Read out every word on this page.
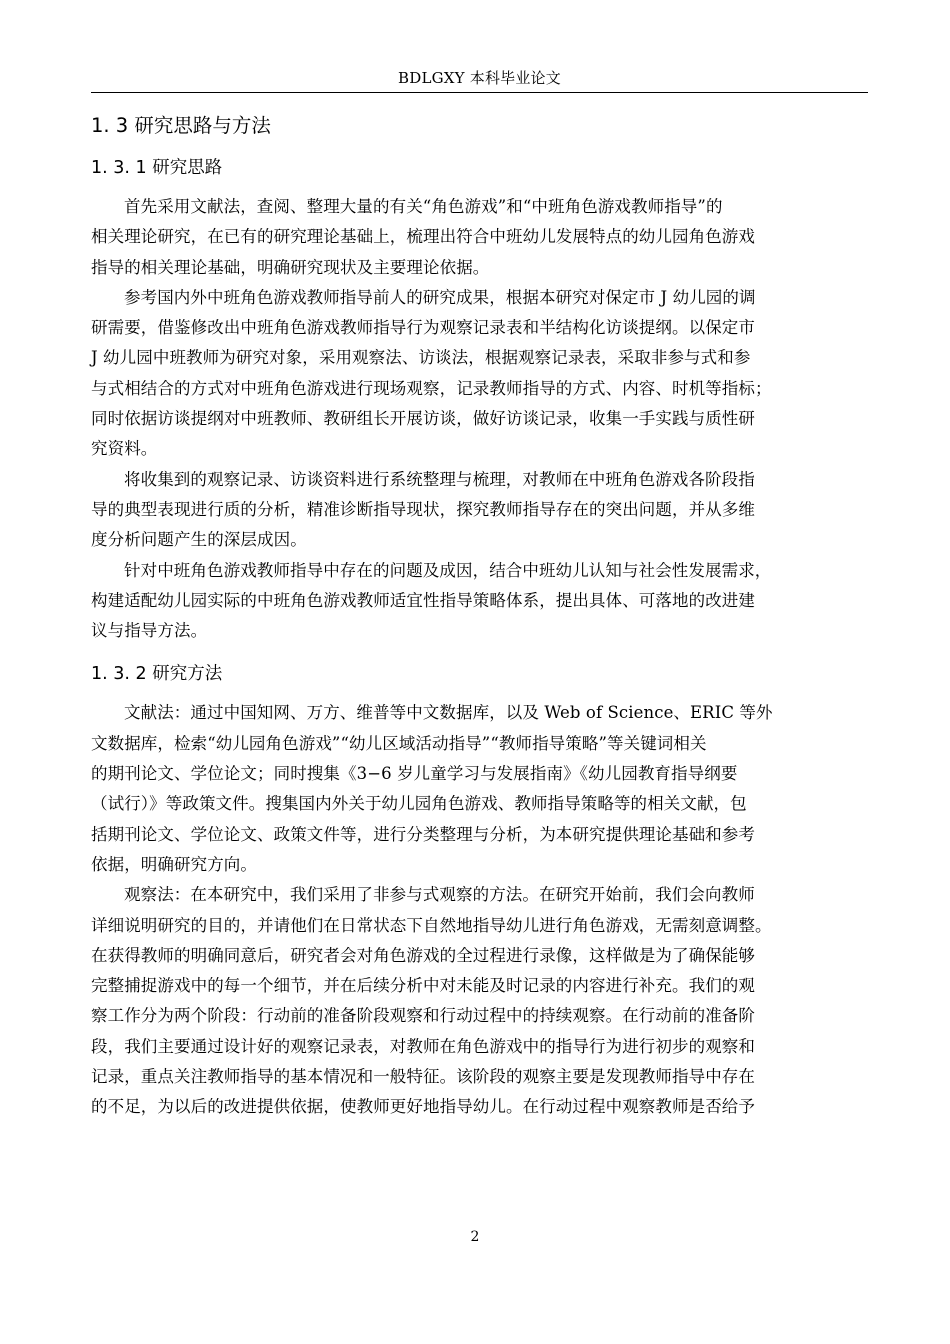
BDLGXY 本科毕业论文
1. 3 研究思路与方法
1. 3. 1 研究思路
首先采用文献法，查阅、整理大量的有关“角色游戏”和“中班角色游戏教师指导”的
相关理论研究，在已有的研究理论基础上，梳理出符合中班幼儿发展特点的幼儿园角色游戏
指导的相关理论基础，明确研究现状及主要理论依据。
参考国内外中班角色游戏教师指导前人的研究成果，根据本研究对保定市 J 幼儿园的调
研需要，借鉴修改出中班角色游戏教师指导行为观察记录表和半结构化访谈提纲。以保定市
J 幼儿园中班教师为研究对象，采用观察法、访谈法，根据观察记录表，采取非参与式和参
与式相结合的方式对中班角色游戏进行现场观察，记录教师指导的方式、内容、时机等指标；
同时依据访谈提纲对中班教师、教研组长开展访谈，做好访谈记录，收集一手实践与质性研
究资料。
将收集到的观察记录、访谈资料进行系统整理与梳理，对教师在中班角色游戏各阶段指
导的典型表现进行质的分析，精准诊断指导现状，探究教师指导存在的突出问题，并从多维
度分析问题产生的深层成因。
针对中班角色游戏教师指导中存在的问题及成因，结合中班幼儿认知与社会性发展需求，
构建适配幼儿园实际的中班角色游戏教师适宜性指导策略体系，提出具体、可落地的改进建
议与指导方法。
1. 3. 2 研究方法
文献法：通过中国知网、万方、维普等中文数据库，以及 Web of Science、ERIC 等外
文数据库，检索“幼儿园角色游戏”“幼儿区域活动指导”“教师指导策略”等关键词相关
的期刊论文、学位论文；同时搜集《3−6 岁儿童学习与发展指南》《幼儿园教育指导纲要
（试行）》等政策文件。搜集国内外关于幼儿园角色游戏、教师指导策略等的相关文献，包
括期刊论文、学位论文、政策文件等，进行分类整理与分析，为本研究提供理论基础和参考
依据，明确研究方向。
观察法：在本研究中，我们采用了非参与式观察的方法。在研究开始前，我们会向教师
详细说明研究的目的，并请他们在日常状态下自然地指导幼儿进行角色游戏，无需刻意调整。
在获得教师的明确同意后，研究者会对角色游戏的全过程进行录像，这样做是为了确保能够
完整捕捉游戏中的每一个细节，并在后续分析中对未能及时记录的内容进行补充。我们的观
察工作分为两个阶段：行动前的准备阶段观察和行动过程中的持续观察。在行动前的准备阶
段，我们主要通过设计好的观察记录表，对教师在角色游戏中的指导行为进行初步的观察和
记录，重点关注教师指导的基本情况和一般特征。该阶段的观察主要是发现教师指导中存在
的不足，为以后的改进提供依据，使教师更好地指导幼儿。在行动过程中观察教师是否给予
2
